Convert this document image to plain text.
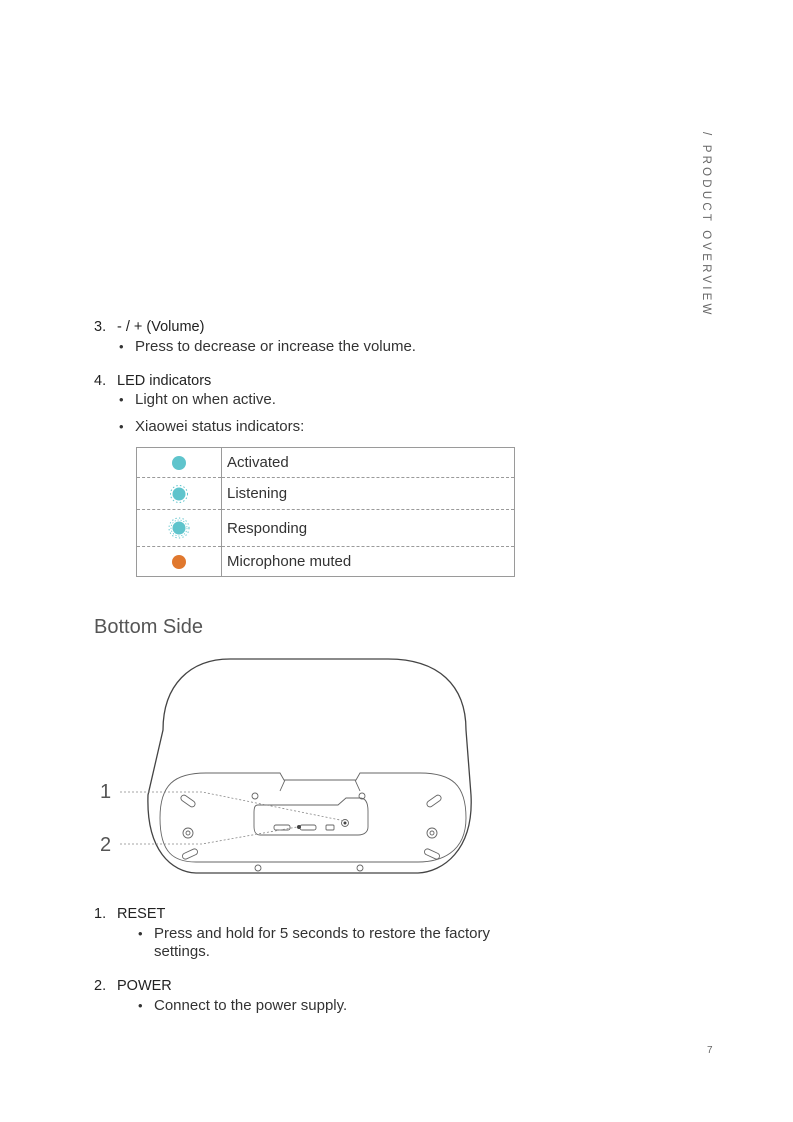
/ PRODUCT OVERVIEW
3. - / + (Volume)
• Press to decrease or increase the volume.
4. LED indicators
• Light on when active.
• Xiaowei status indicators:
	Activated
	Listening
	Responding
	Microphone muted
Bottom Side
1
2
1. RESET
• Press and hold for 5 seconds to restore the factory settings.
2. POWER
• Connect to the power supply.
7
